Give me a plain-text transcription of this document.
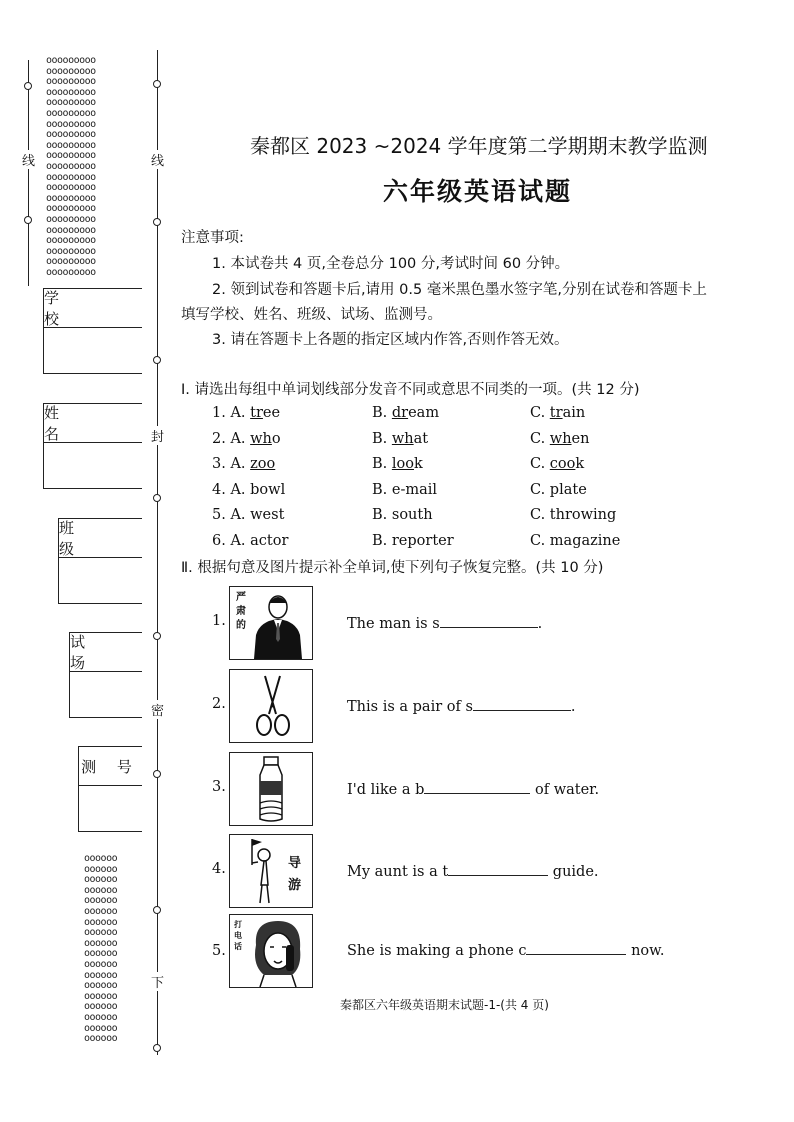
ooooooooo
ooooooooo
ooooooooo
ooooooooo
ooooooooo
ooooooooo
ooooooooo
ooooooooo
ooooooooo
ooooooooo
ooooooooo
ooooooooo
ooooooooo
ooooooooo
ooooooooo
ooooooooo
ooooooooo
ooooooooo
ooooooooo
ooooooooo
ooooooooo
oooooo
oooooo
oooooo
oooooo
oooooo
oooooo
oooooo
oooooo
oooooo
oooooo
oooooo
oooooo
oooooo
oooooo
oooooo
oooooo
oooooo
oooooo
线	线
封
密
下
学 校
姓 名
班 级
试 场
测 号
秦都区 2023 ~2024 学年度第二学期期末教学监测
六年级英语试题
注意事项:
1. 本试卷共 4 页,全卷总分 100 分,考试时间 60 分钟。
2. 领到试卷和答题卡后,请用 0.5 毫米黑色墨水签字笔,分别在试卷和答题卡上
填写学校、姓名、班级、试场、监测号。
3. 请在答题卡上各题的指定区域内作答,否则作答无效。
Ⅰ. 请选出每组中单词划线部分发音不同或意思不同类的一项。(共 12 分)
1. A. tree	B. dream	C. train
2. A. who	B. what	C. when
3. A. zoo	B. look	C. cook
4. A. bowl	B. e-mail	C. plate
5. A. west	B. south	C. throwing
6. A. actor	B. reporter	C. magazine
Ⅱ. 根据句意及图片提示补全单词,使下列句子恢复完整。(共 10 分)
1.
严肃的	The man is s	.
2.	This is a pair of s	.
3.	I'd like a b	of water.
4.	导游
My aunt is a t	guide.
5.
打电话	She is making a phone c	now.
秦都区六年级英语期末试题-1-(共 4 页)
